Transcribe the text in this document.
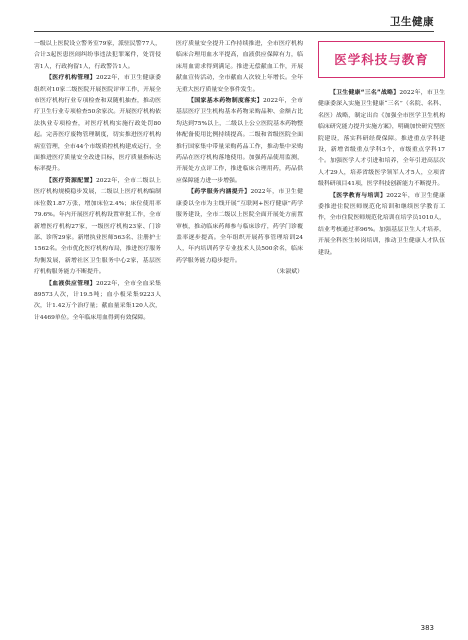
卫生健康

一级以上医院设立警务室79家，派驻民警77人，合计3起医患医闹纠纷事违法犯罪案件，处罚侵害1人，行政拘留1人，行政警告1人。

【医疗机构管理】2022年，市卫生健康委组织对10家二级医院开展医院评审工作，开展全市医疗机构行业专项检查和双随机抽查，推动医疗卫生行业专项检查50余家次。开展医疗机构依法执业专项检查，对医疗机构实施行政处罚80起。完善医疗废物管理制度，切实推进医疗机构病室管理，全市44个市级质控机构建成运行，全面推进医疗质量安全改进目标，医疗质量指标达标率提升。

【医疗资源配置】2022年，全市二级以上医疗机构规模稳步发展，二级以上医疗机构编制床位数1.87万张，增加床位2.4%；床位使用率79.6%。年内开展医疗机构设置审批工作，全市新增医疗机构27家，一级医疗机构23家、门诊部、诊所29家。新增执业医师563名、注册护士1562名。全市优化医疗机构布局，推进医疗服务均衡发展，新增社区卫生服务中心2家，基层医疗机构服务能力不断提升。

【血液供应管理】2022年，全市全血采集89573人次，计19.5吨；血小板采集9223人次，计1.42万个治疗量；献血量采集120人次，计4469单位。全年临床用血得到有效保障。

医疗质量安全提升工作持续推进，全市医疗机构临床合理用血水平提高，血液供应保障有力，临床用血需求得到满足。推进无偿献血工作，开展献血宣传活动，全市献血人次较上年增长。全年无重大医疗质量安全事件发生。

【国家基本药物制度落实】2022年，全市基层医疗卫生机构基本药物采购品种、金额占比均达到75%以上，二级以上公立医院基本药物整体配备使用比例持续提高。二级和省级医院全面推行国家集中带量采购药品工作，推动集中采购药品在医疗机构落地使用。加强药品使用监测，开展处方点评工作，推进临床合理用药，药品供应保障能力进一步增强。

【药学服务内涵提升】2022年，市卫生健康委以全市为主线开展“互联网+医疗健康”药学服务建设，全市二级以上医院全面开展处方前置审核，推动临床药师参与临床诊疗，药学门诊覆盖率逐步提高。全年组织开展药事管理培训24人，年内培训药学专业技术人员500余名，临床药学服务能力稳步提升。

（朱淑斌）

医学科技与教育

【卫生健康“三名”战略】2022年，市卫生健康委深入实施卫生健康“三名”（名院、名科、名医）战略，制定出台《加强全市医学卫生机构临床研究能力提升实施方案》，明确加快研究型医院建设，落实科研经费保障。推进重点学科建设，新增省级重点学科3个，市级重点学科17个。加强医学人才引进和培养，全年引进高层次人才29人，培养省级医学领军人才5人，立项省级科研项目41项，医学科技创新能力不断提升。

【医学教育与培训】2022年，市卫生健康委推进住院医师规范化培训和继续医学教育工作，全市住院医师规范化培训在培学员1010人，结业考核通过率96%。加强基层卫生人才培养，开展全科医生转岗培训，推动卫生健康人才队伍建设。

383
